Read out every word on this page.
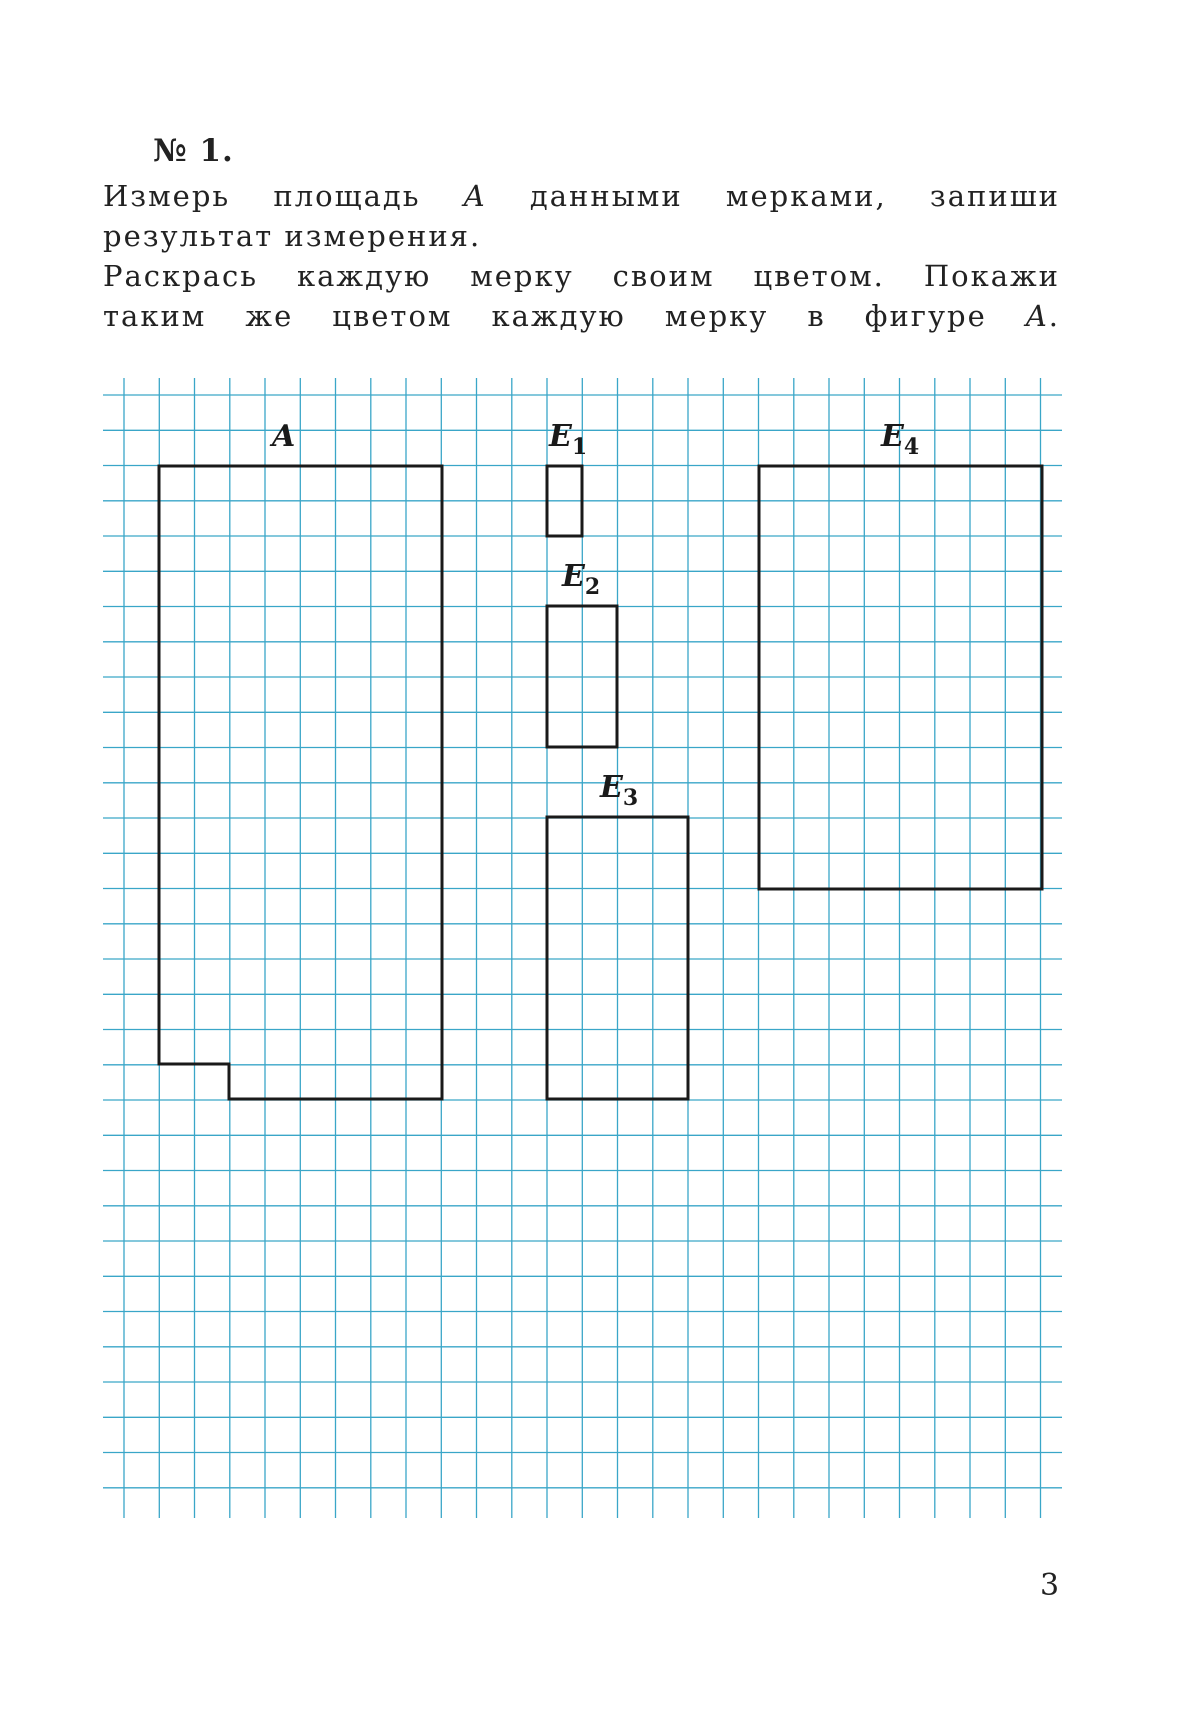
№ 1.
Измерь площадь A данными мерками, запиши
результат измерения.
Раскрась каждую мерку своим цветом. Покажи
таким же цветом каждую мерку в фигуре A.
A	$E_1$
$E_2$
$E_3$
$E_4$
3
